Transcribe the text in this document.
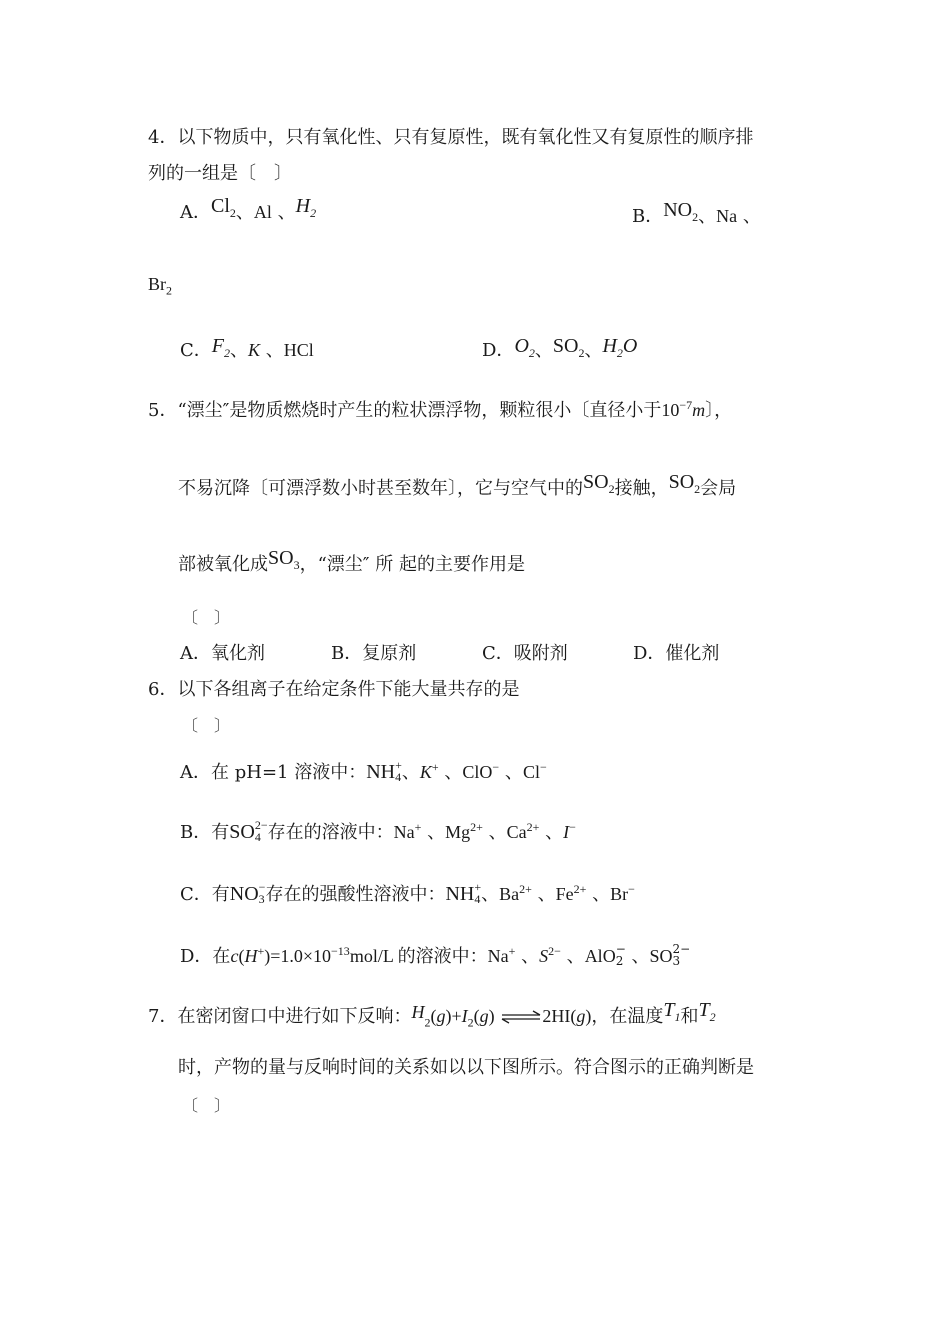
4．以下物质中，只有氧化性、只有复原性，既有氧化性又有复原性的顺序排
列的一组是〔　〕
A．$Cl_2$、Al 、$H_2$	B．$NO_2$、Na 、
$Br_2$
C．$F_2$、K 、HCl	D．$O_2$、$SO_2$、$H_2O$
5．“漂尘″是物质燃烧时产生的粒状漂浮物，颗粒很小〔直径小于$10^{-7}m$〕，
不易沉降〔可漂浮数小时甚至数年〕，它与空气中的$SO_2$接触，$SO_2$会局
部被氧化成$SO_3$，“漂尘″ 所 起的主要作用是
〔　〕
A．氧化剂	B．复原剂	C．吸附剂	D．催化剂
6．以下各组离子在给定条件下能大量共存的是
〔　〕
A．在 pH=1 溶液中：NH +
4 、K+ 、ClO− 、Cl−
B．有SO 2−
4 存在的溶液中：Na+ 、$Mg^{2+}$ 、$Ca^{2+}$ 、I−
C．有NO −
3 存在的强酸性溶液中：NH +
4 、$Ba^{2+}$ 、$Fe^{2+}$ 、Br−
D．在$c(H^+)=1.0\times 10^{-13}mol/L$ 的溶液中：Na+ 、$S^{2-}$ 、AlO −
2 、SO 2−
3
7．在密闭窗口中进行如下反响：$H_2(g)+I_2(g)$ ⇌2HI(g)，在温度$T_1$和$T_2$
时，产物的量与反响时间的关系如以以下图所示。符合图示的正确判断是
〔　〕
